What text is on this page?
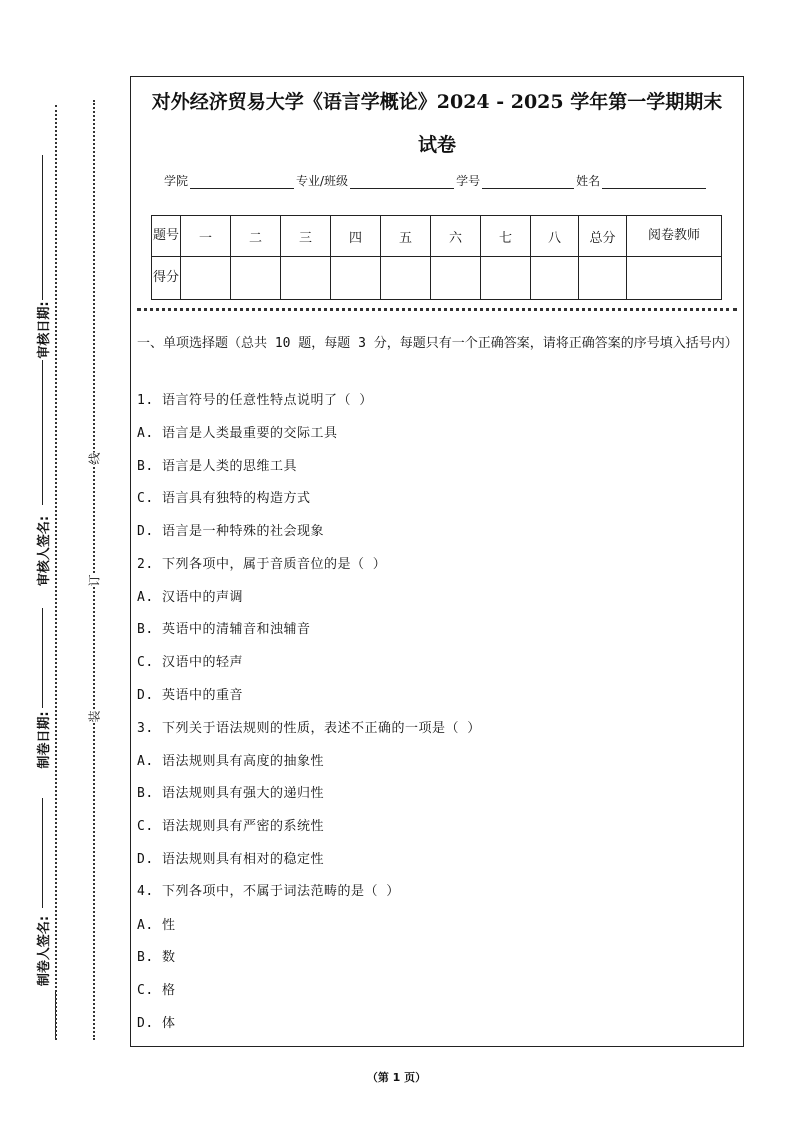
审核日期:
审核人签名:
制卷日期:
制卷人签名:
线
订
装
对外经济贸易大学《语言学概论》2024 - 2025 学年第一学期期末
试卷
学院	专业/班级	学号	姓名
题号	一	二	三	四	五	六	七	八	总分	阅卷教师
得分										
一、单项选择题（总共 10 题，每题 3 分，每题只有一个正确答案，请将正确答案的序号填入括号内）
1. 语言符号的任意性特点说明了（ ）
A. 语言是人类最重要的交际工具
B. 语言是人类的思维工具
C. 语言具有独特的构造方式
D. 语言是一种特殊的社会现象
2. 下列各项中，属于音质音位的是（ ）
A. 汉语中的声调
B. 英语中的清辅音和浊辅音
C. 汉语中的轻声
D. 英语中的重音
3. 下列关于语法规则的性质，表述不正确的一项是（ ）
A. 语法规则具有高度的抽象性
B. 语法规则具有强大的递归性
C. 语法规则具有严密的系统性
D. 语法规则具有相对的稳定性
4. 下列各项中，不属于词法范畴的是（ ）
A. 性
B. 数
C. 格
D. 体
（第 1 页）
